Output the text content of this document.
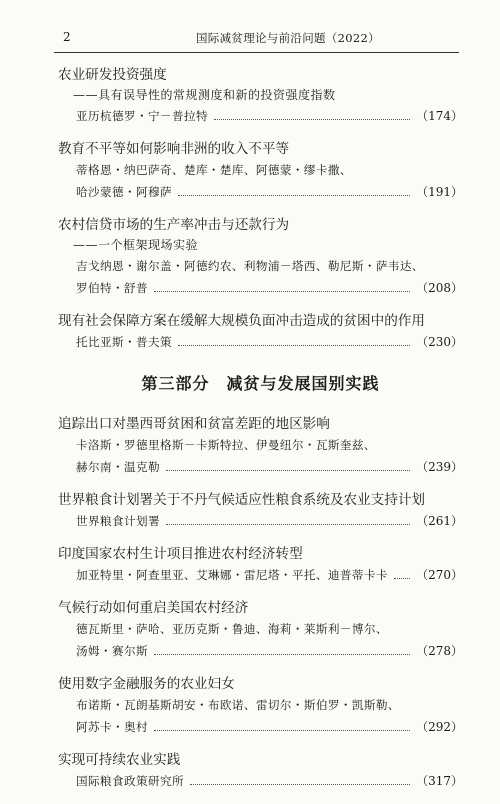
2	国际减贫理论与前沿问题（2022）
农业研发投资强度
——具有误导性的常规测度和新的投资强度指数
亚历杭德罗・宁－普拉特	（174）
教育不平等如何影响非洲的收入不平等
蒂格恩・纳巴萨奇、楚库・楚库、阿德蒙・缪卡撒、
哈沙蒙德・阿穆萨	（191）
农村信贷市场的生产率冲击与还款行为
——一个框架现场实验
吉戈纳恩・谢尔盖・阿德约农、利物浦－塔西、勒尼斯・萨韦达、
罗伯特・舒普	（208）
现有社会保障方案在缓解大规模负面冲击造成的贫困中的作用
托比亚斯・普夫策	（230）
第三部分　减贫与发展国别实践
追踪出口对墨西哥贫困和贫富差距的地区影响
卡洛斯・罗德里格斯－卡斯特拉、伊曼纽尔・瓦斯奎兹、
赫尔南・温克勒	（239）
世界粮食计划署关于不丹气候适应性粮食系统及农业支持计划
世界粮食计划署	（261）
印度国家农村生计项目推进农村经济转型
加亚特里・阿查里亚、艾琳娜・雷尼塔・平托、迪普蒂卡卡 （270）
气候行动如何重启美国农村经济
德瓦斯里・萨哈、亚历克斯・鲁迪、海莉・莱斯利－博尔、
汤姆・赛尔斯	（278）
使用数字金融服务的农业妇女
布诺斯・瓦朗基斯胡安・布欧诺、雷切尔・斯伯罗・凯斯勒、
阿苏卡・奥村	（292）
实现可持续农业实践
国际粮食政策研究所	（317）
